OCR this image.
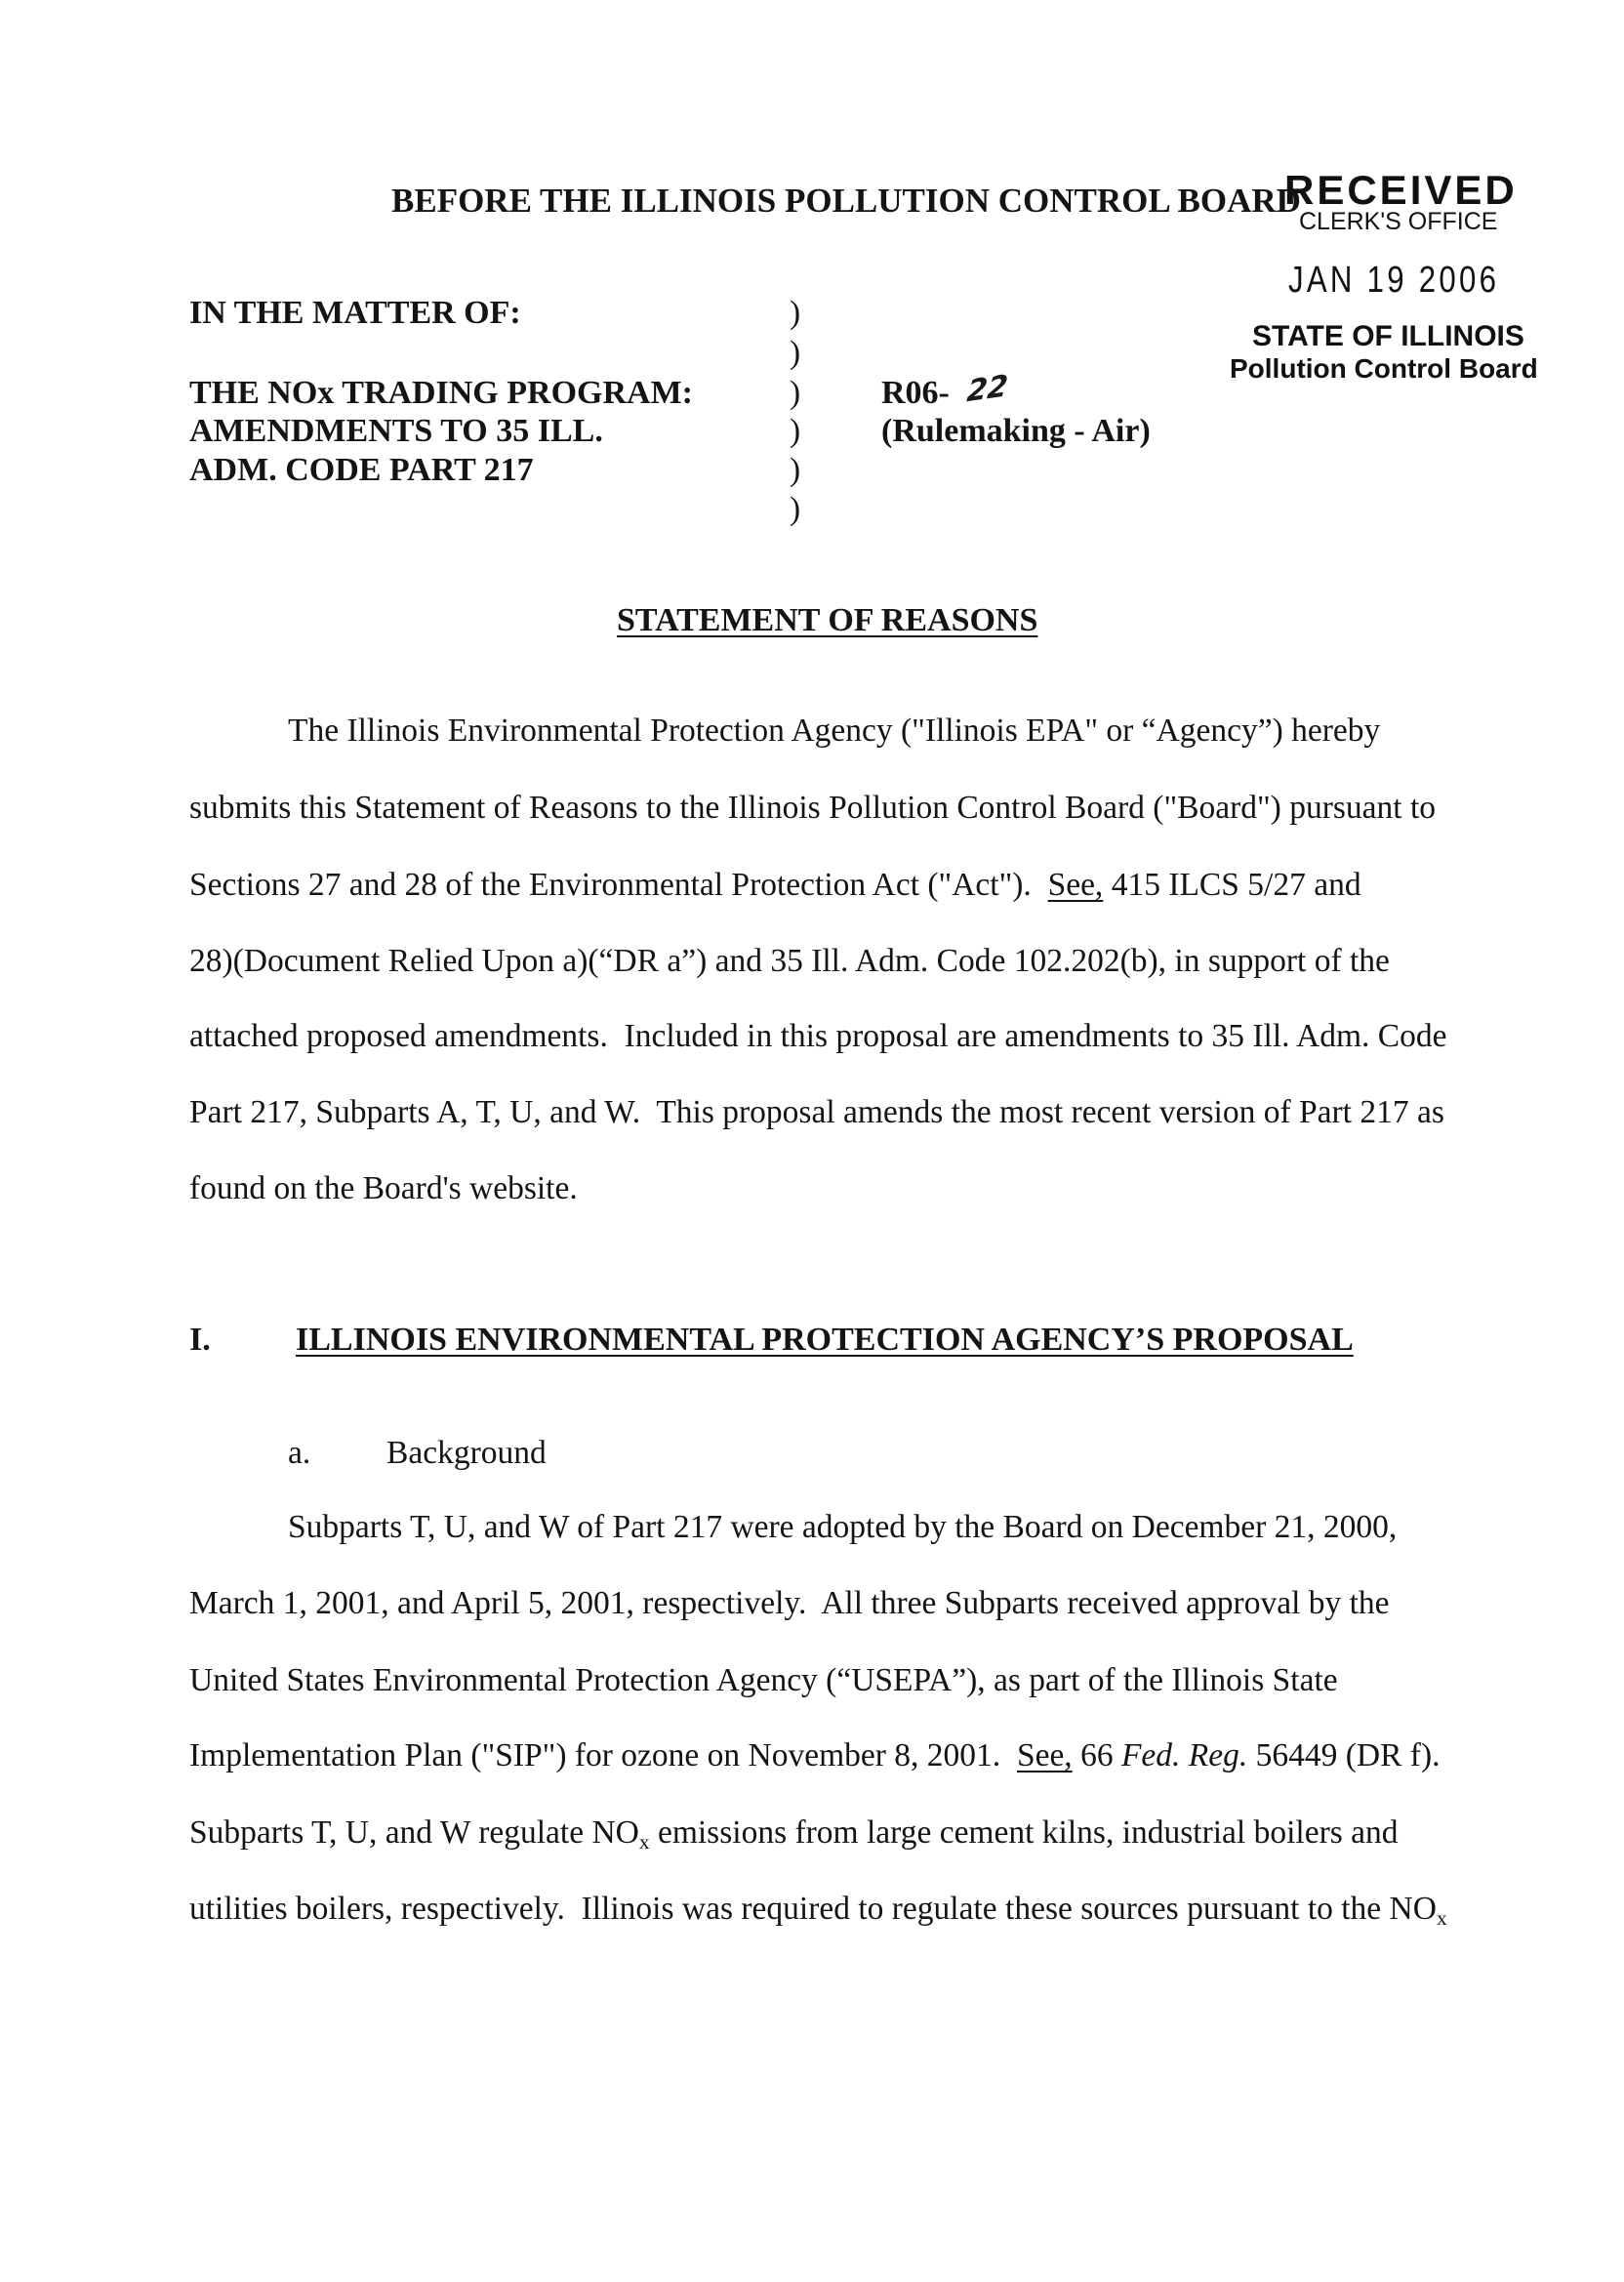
BEFORE THE ILLINOIS POLLUTION CONTROL BOARD
RECEIVED
CLERK'S OFFICE
JAN 19 2006
STATE OF ILLINOIS
Pollution Control Board
IN THE MATTER OF:
THE NOx TRADING PROGRAM:
AMENDMENTS TO 35 ILL.
ADM. CODE PART 217
)
)
)
)
)
)
R06- 22
(Rulemaking - Air)
STATEMENT OF REASONS
The Illinois Environmental Protection Agency ("Illinois EPA" or “Agency”) hereby
submits this Statement of Reasons to the Illinois Pollution Control Board ("Board") pursuant to
Sections 27 and 28 of the Environmental Protection Act ("Act").  See, 415 ILCS 5/27 and
28)(Document Relied Upon a)(“DR a”) and 35 Ill. Adm. Code 102.202(b), in support of the
attached proposed amendments.  Included in this proposal are amendments to 35 Ill. Adm. Code
Part 217, Subparts A, T, U, and W.  This proposal amends the most recent version of Part 217 as
found on the Board's website.
I.	ILLINOIS ENVIRONMENTAL PROTECTION AGENCY’S PROPOSAL
a. Background
Subparts T, U, and W of Part 217 were adopted by the Board on December 21, 2000,
March 1, 2001, and April 5, 2001, respectively.  All three Subparts received approval by the
United States Environmental Protection Agency (“USEPA”), as part of the Illinois State
Implementation Plan ("SIP") for ozone on November 8, 2001.  See, 66 Fed. Reg. 56449 (DR f).
Subparts T, U, and W regulate NOx emissions from large cement kilns, industrial boilers and
utilities boilers, respectively.  Illinois was required to regulate these sources pursuant to the NOx
